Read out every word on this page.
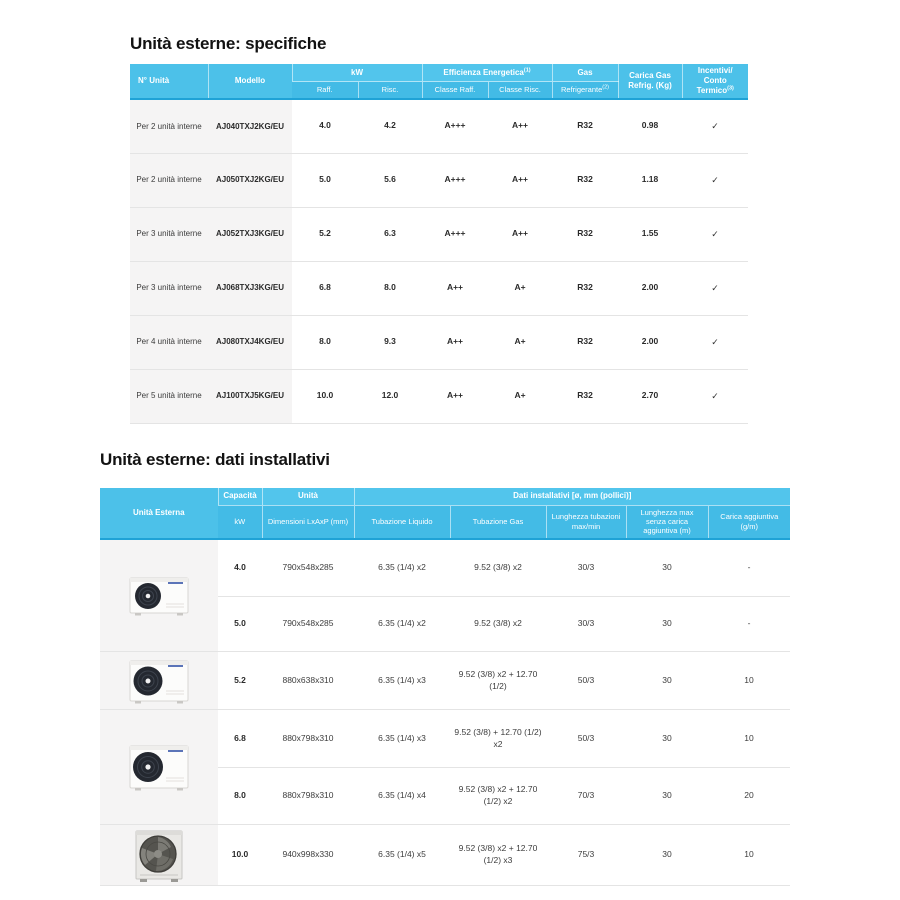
Unità esterne: specifiche
N° Unità	Modello	kW		Efficienza Energetica$^{(1)}$		Gas	Carica Gas
Refrig. (Kg)	Incentivi/
Conto Termico$^{(3)}$
		Raff.	Risc.	Classe Raff.	Classe Risc.	Refrigerante$^{(2)}$
Per 2 unità interne	AJ040TXJ2KG/EU	4.0	4.2	A+++	A++	R32	0.98	✓
Per 2 unità interne	AJ050TXJ2KG/EU	5.0	5.6	A+++	A++	R32	1.18	✓
Per 3 unità interne	AJ052TXJ3KG/EU	5.2	6.3	A+++	A++	R32	1.55	✓
Per 3 unità interne	AJ068TXJ3KG/EU	6.8	8.0	A++	A+	R32	2.00	✓
Per 4 unità interne	AJ080TXJ4KG/EU	8.0	9.3	A++	A+	R32	2.00	✓
Per 5 unità interne	AJ100TXJ5KG/EU	10.0	12.0	A++	A+	R32	2.70	✓
Unità esterne: dati installativi
Unità Esterna	Capacità	Unità	Dati installativi [ø, mm (pollici)]				
	kW	Dimensioni LxAxP (mm)	Tubazione Liquido	Tubazione Gas	Lunghezza tubazioni max/min	Lunghezza max senza carica aggiuntiva (m)	Carica aggiuntiva (g/m)
	4.0	790x548x285	6.35 (1/4) x2	9.52 (3/8) x2	30/3	30	-
	5.0	790x548x285	6.35 (1/4) x2	9.52 (3/8) x2	30/3	30	-
	5.2	880x638x310	6.35 (1/4) x3	9.52 (3/8) x2 + 12.70 (1/2)	50/3	30	10
	6.8	880x798x310	6.35 (1/4) x3	9.52 (3/8) + 12.70 (1/2) x2	50/3	30	10
	8.0	880x798x310	6.35 (1/4) x4	9.52 (3/8) x2 + 12.70 (1/2) x2	70/3	30	20
	10.0	940x998x330	6.35 (1/4) x5	9.52 (3/8) x2 + 12.70 (1/2) x3	75/3	30	10
